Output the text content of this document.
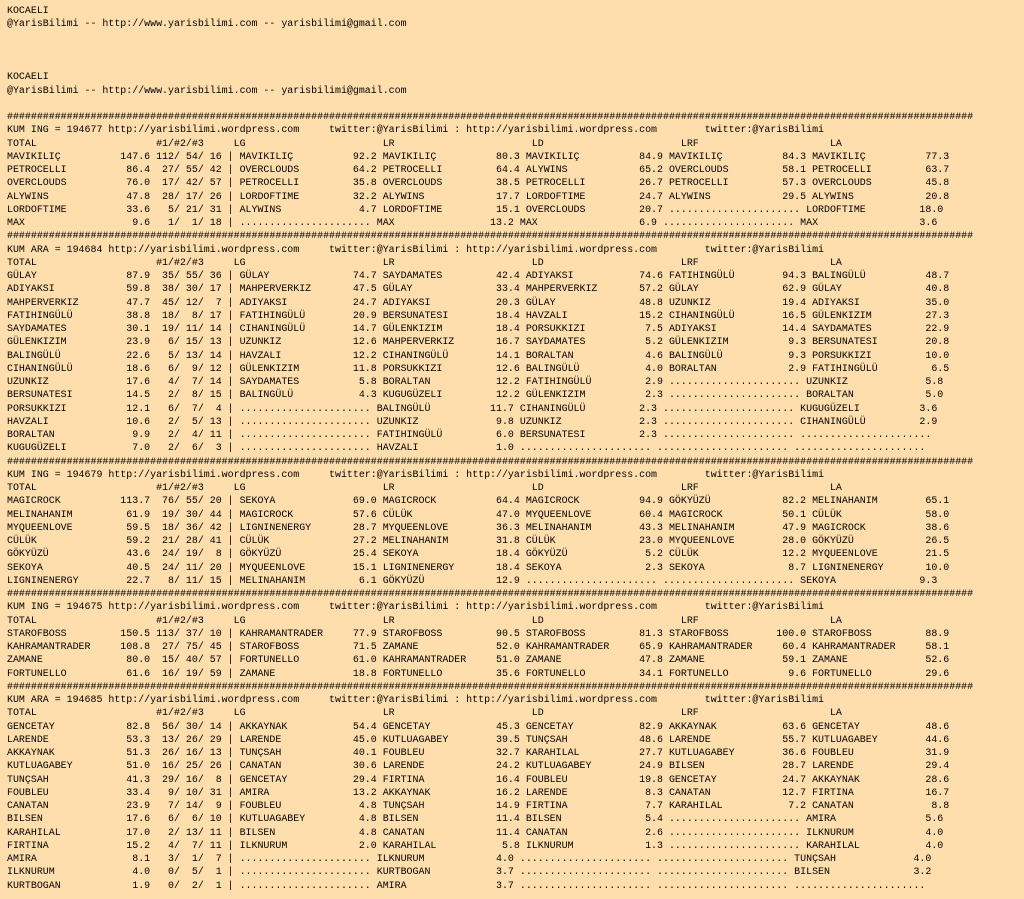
KOCAELI
@YarisBilimi -- http://www.yarisbilimi.com -- yarisbilimi@gmail.com

KOCAELI
@YarisBilimi -- http://www.yarisbilimi.com -- yarisbilimi@gmail.com

##################################################################################################################################################################
KUM ING = 194677 http://yarisbilimi.wordpress.com     twitter:@YarisBilimi : http://yarisbilimi.wordpress.com        twitter:@YarisBilimi
TOTAL                    #1/#2/#3     LG                       LR                       LD                       LRF                      LA
MAVIKILIÇ          147.6 112/ 54/ 16 | MAVIKILIÇ          92.2 MAVIKILIÇ          80.3 MAVIKILIÇ          84.9 MAVIKILIÇ          84.3 MAVIKILIÇ          77.3
PETROCELLI          86.4  27/ 55/ 42 | OVERCLOUDS         64.2 PETROCELLI         64.4 ALYWINS            65.2 OVERCLOUDS         58.1 PETROCELLI         63.7
OVERCLOUDS          76.0  17/ 42/ 57 | PETROCELLI         35.8 OVERCLOUDS         38.5 PETROCELLI         26.7 PETROCELLI         57.3 OVERCLOUDS         45.8
ALYWINS             47.8  28/ 17/ 26 | LORDOFTIME         32.2 ALYWINS            17.7 LORDOFTIME         24.7 ALYWINS            29.5 ALYWINS            20.8
LORDOFTIME          33.6   5/ 21/ 31 | ALYWINS             4.7 LORDOFTIME         15.1 OVERCLOUDS         20.7 ...................... LORDOFTIME         18.0
MAX                  9.6   1/  1/ 18 | ...................... MAX                13.2 MAX                 6.9 ...................... MAX                 3.6
##################################################################################################################################################################
KUM ARA = 194684 http://yarisbilimi.wordpress.com     twitter:@YarisBilimi : http://yarisbilimi.wordpress.com        twitter:@YarisBilimi
TOTAL                    #1/#2/#3     LG                       LR                       LD                       LRF                      LA
GÜLAY               87.9  35/ 55/ 36 | GÜLAY              74.7 SAYDAMATES         42.4 ADIYAKSI           74.6 FATIHINGÜLÜ        94.3 BALINGÜLÜ          48.7
ADIYAKSI            59.8  38/ 30/ 17 | MAHPERVERKIZ       47.5 GÜLAY              33.4 MAHPERVERKIZ       57.2 GÜLAY              62.9 GÜLAY              40.8
MAHPERVERKIZ        47.7  45/ 12/  7 | ADIYAKSI           24.7 ADIYAKSI           20.3 GÜLAY              48.8 UZUNKIZ            19.4 ADIYAKSI           35.0
FATIHINGÜLÜ         38.8  18/  8/ 17 | FATIHINGÜLÜ        20.9 BERSUNATESI        18.4 HAVZALI            15.2 CIHANINGÜLÜ        16.5 GÜLENKIZIM         27.3
SAYDAMATES          30.1  19/ 11/ 14 | CIHANINGÜLÜ        14.7 GÜLENKIZIM         18.4 PORSUKKIZI          7.5 ADIYAKSI           14.4 SAYDAMATES         22.9
GÜLENKIZIM          23.9   6/ 15/ 13 | UZUNKIZ            12.6 MAHPERVERKIZ       16.7 SAYDAMATES          5.2 GÜLENKIZIM          9.3 BERSUNATESI        20.8
BALINGÜLÜ           22.6   5/ 13/ 14 | HAVZALI            12.2 CIHANINGÜLÜ        14.1 BORALTAN            4.6 BALINGÜLÜ           9.3 PORSUKKIZI         10.0
CIHANINGÜLÜ         18.6   6/  9/ 12 | GÜLENKIZIM         11.8 PORSUKKIZI         12.6 BALINGÜLÜ           4.0 BORALTAN            2.9 FATIHINGÜLÜ         6.5
UZUNKIZ             17.6   4/  7/ 14 | SAYDAMATES          5.8 BORALTAN           12.2 FATIHINGÜLÜ         2.9 ...................... UZUNKIZ             5.8
BERSUNATESI         14.5   2/  8/ 15 | BALINGÜLÜ           4.3 KUGUGÜZELI         12.2 GÜLENKIZIM          2.3 ...................... BORALTAN            5.0
PORSUKKIZI          12.1   6/  7/  4 | ...................... BALINGÜLÜ          11.7 CIHANINGÜLÜ         2.3 ...................... KUGUGÜZELI          3.6
HAVZALI             10.6   2/  5/ 13 | ...................... UZUNKIZ             9.8 UZUNKIZ             2.3 ...................... CIHANINGÜLÜ         2.9
BORALTAN             9.9   2/  4/ 11 | ...................... FATIHINGÜLÜ         6.0 BERSUNATESI         2.3 ...................... ......................
KUGUGÜZELI           7.0   2/  6/  3 | ...................... HAVZALI             1.0 ...................... ...................... ......................
##################################################################################################################################################################
KUM ING = 194679 http://yarisbilimi.wordpress.com     twitter:@YarisBilimi : http://yarisbilimi.wordpress.com        twitter:@YarisBilimi
TOTAL                    #1/#2/#3     LG                       LR                       LD                       LRF                      LA
MAGICROCK          113.7  76/ 55/ 20 | SEKOYA             69.0 MAGICROCK          64.4 MAGICROCK          94.9 GÖKYÜZÜ            82.2 MELINAHANIM        65.1
MELINAHANIM         61.9  19/ 30/ 44 | MAGICROCK          57.6 CÜLÜK              47.0 MYQUEENLOVE        60.4 MAGICROCK          50.1 CÜLÜK              58.0
MYQUEENLOVE         59.5  18/ 36/ 42 | LIGNINENERGY       28.7 MYQUEENLOVE        36.3 MELINAHANIM        43.3 MELINAHANIM        47.9 MAGICROCK          38.6
CÜLÜK               59.2  21/ 28/ 41 | CÜLÜK              27.2 MELINAHANIM        31.8 CÜLÜK              23.0 MYQUEENLOVE        28.0 GÖKYÜZÜ            26.5
GÖKYÜZÜ             43.6  24/ 19/  8 | GÖKYÜZÜ            25.4 SEKOYA             18.4 GÖKYÜZÜ             5.2 CÜLÜK              12.2 MYQUEENLOVE        21.5
SEKOYA              40.5  24/ 11/ 20 | MYQUEENLOVE        15.1 LIGNINENERGY       18.4 SEKOYA              2.3 SEKOYA              8.7 LIGNINENERGY       10.0
LIGNINENERGY        22.7   8/ 11/ 15 | MELINAHANIM         6.1 GÖKYÜZÜ            12.9 ...................... ...................... SEKOYA              9.3
##################################################################################################################################################################
KUM ING = 194675 http://yarisbilimi.wordpress.com     twitter:@YarisBilimi : http://yarisbilimi.wordpress.com        twitter:@YarisBilimi
TOTAL                    #1/#2/#3     LG                       LR                       LD                       LRF                      LA
STAROFBOSS         150.5 113/ 37/ 10 | KAHRAMANTRADER     77.9 STAROFBOSS         90.5 STAROFBOSS         81.3 STAROFBOSS        100.0 STAROFBOSS         88.9
KAHRAMANTRADER     108.8  27/ 75/ 45 | STAROFBOSS         71.5 ZAMANE             52.0 KAHRAMANTRADER     65.9 KAHRAMANTRADER     60.4 KAHRAMANTRADER     58.1
ZAMANE              80.0  15/ 40/ 57 | FORTUNELLO         61.0 KAHRAMANTRADER     51.0 ZAMANE             47.8 ZAMANE             59.1 ZAMANE             52.6
FORTUNELLO          61.6  16/ 19/ 59 | ZAMANE             18.8 FORTUNELLO         35.6 FORTUNELLO         34.1 FORTUNELLO          9.6 FORTUNELLO         29.6
##################################################################################################################################################################
KUM ARA = 194685 http://yarisbilimi.wordpress.com     twitter:@YarisBilimi : http://yarisbilimi.wordpress.com        twitter:@YarisBilimi
TOTAL                    #1/#2/#3     LG                       LR                       LD                       LRF                      LA
GENCETAY            82.8  56/ 30/ 14 | AKKAYNAK           54.4 GENCETAY           45.3 GENCETAY           82.9 AKKAYNAK           63.6 GENCETAY           48.6
LARENDE             53.3  13/ 26/ 29 | LARENDE            45.0 KUTLUAGABEY        39.5 TUNÇSAH            48.6 LARENDE            55.7 KUTLUAGABEY        44.6
AKKAYNAK            51.3  26/ 16/ 13 | TUNÇSAH            40.1 FOUBLEU            32.7 KARAHILAL          27.7 KUTLUAGABEY        36.6 FOUBLEU            31.9
KUTLUAGABEY         51.0  16/ 25/ 26 | CANATAN            30.6 LARENDE            24.2 KUTLUAGABEY        24.9 BILSEN             28.7 LARENDE            29.4
TUNÇSAH             41.3  29/ 16/  8 | GENCETAY           29.4 FIRTINA            16.4 FOUBLEU            19.8 GENCETAY           24.7 AKKAYNAK           28.6
FOUBLEU             33.4   9/ 10/ 31 | AMIRA              13.2 AKKAYNAK           16.2 LARENDE             8.3 CANATAN            12.7 FIRTINA            16.7
CANATAN             23.9   7/ 14/  9 | FOUBLEU             4.8 TUNÇSAH            14.9 FIRTINA             7.7 KARAHILAL           7.2 CANATAN             8.8
BILSEN              17.6   6/  6/ 10 | KUTLUAGABEY         4.8 BILSEN             11.4 BILSEN              5.4 ...................... AMIRA               5.6
KARAHILAL           17.0   2/ 13/ 11 | BILSEN              4.8 CANATAN            11.4 CANATAN             2.6 ...................... ILKNURUM            4.0
FIRTINA             15.2   4/  7/ 11 | ILKNURUM            2.0 KARAHILAL           5.8 ILKNURUM            1.3 ...................... KARAHILAL           4.0
AMIRA                8.1   3/  1/  7 | ...................... ILKNURUM            4.0 ...................... ...................... TUNÇSAH             4.0
ILKNURUM             4.0   0/  5/  1 | ...................... KURTBOGAN           3.7 ...................... ...................... BILSEN              3.2
KURTBOGAN            1.9   0/  2/  1 | ...................... AMIRA               3.7 ...................... ...................... ......................
